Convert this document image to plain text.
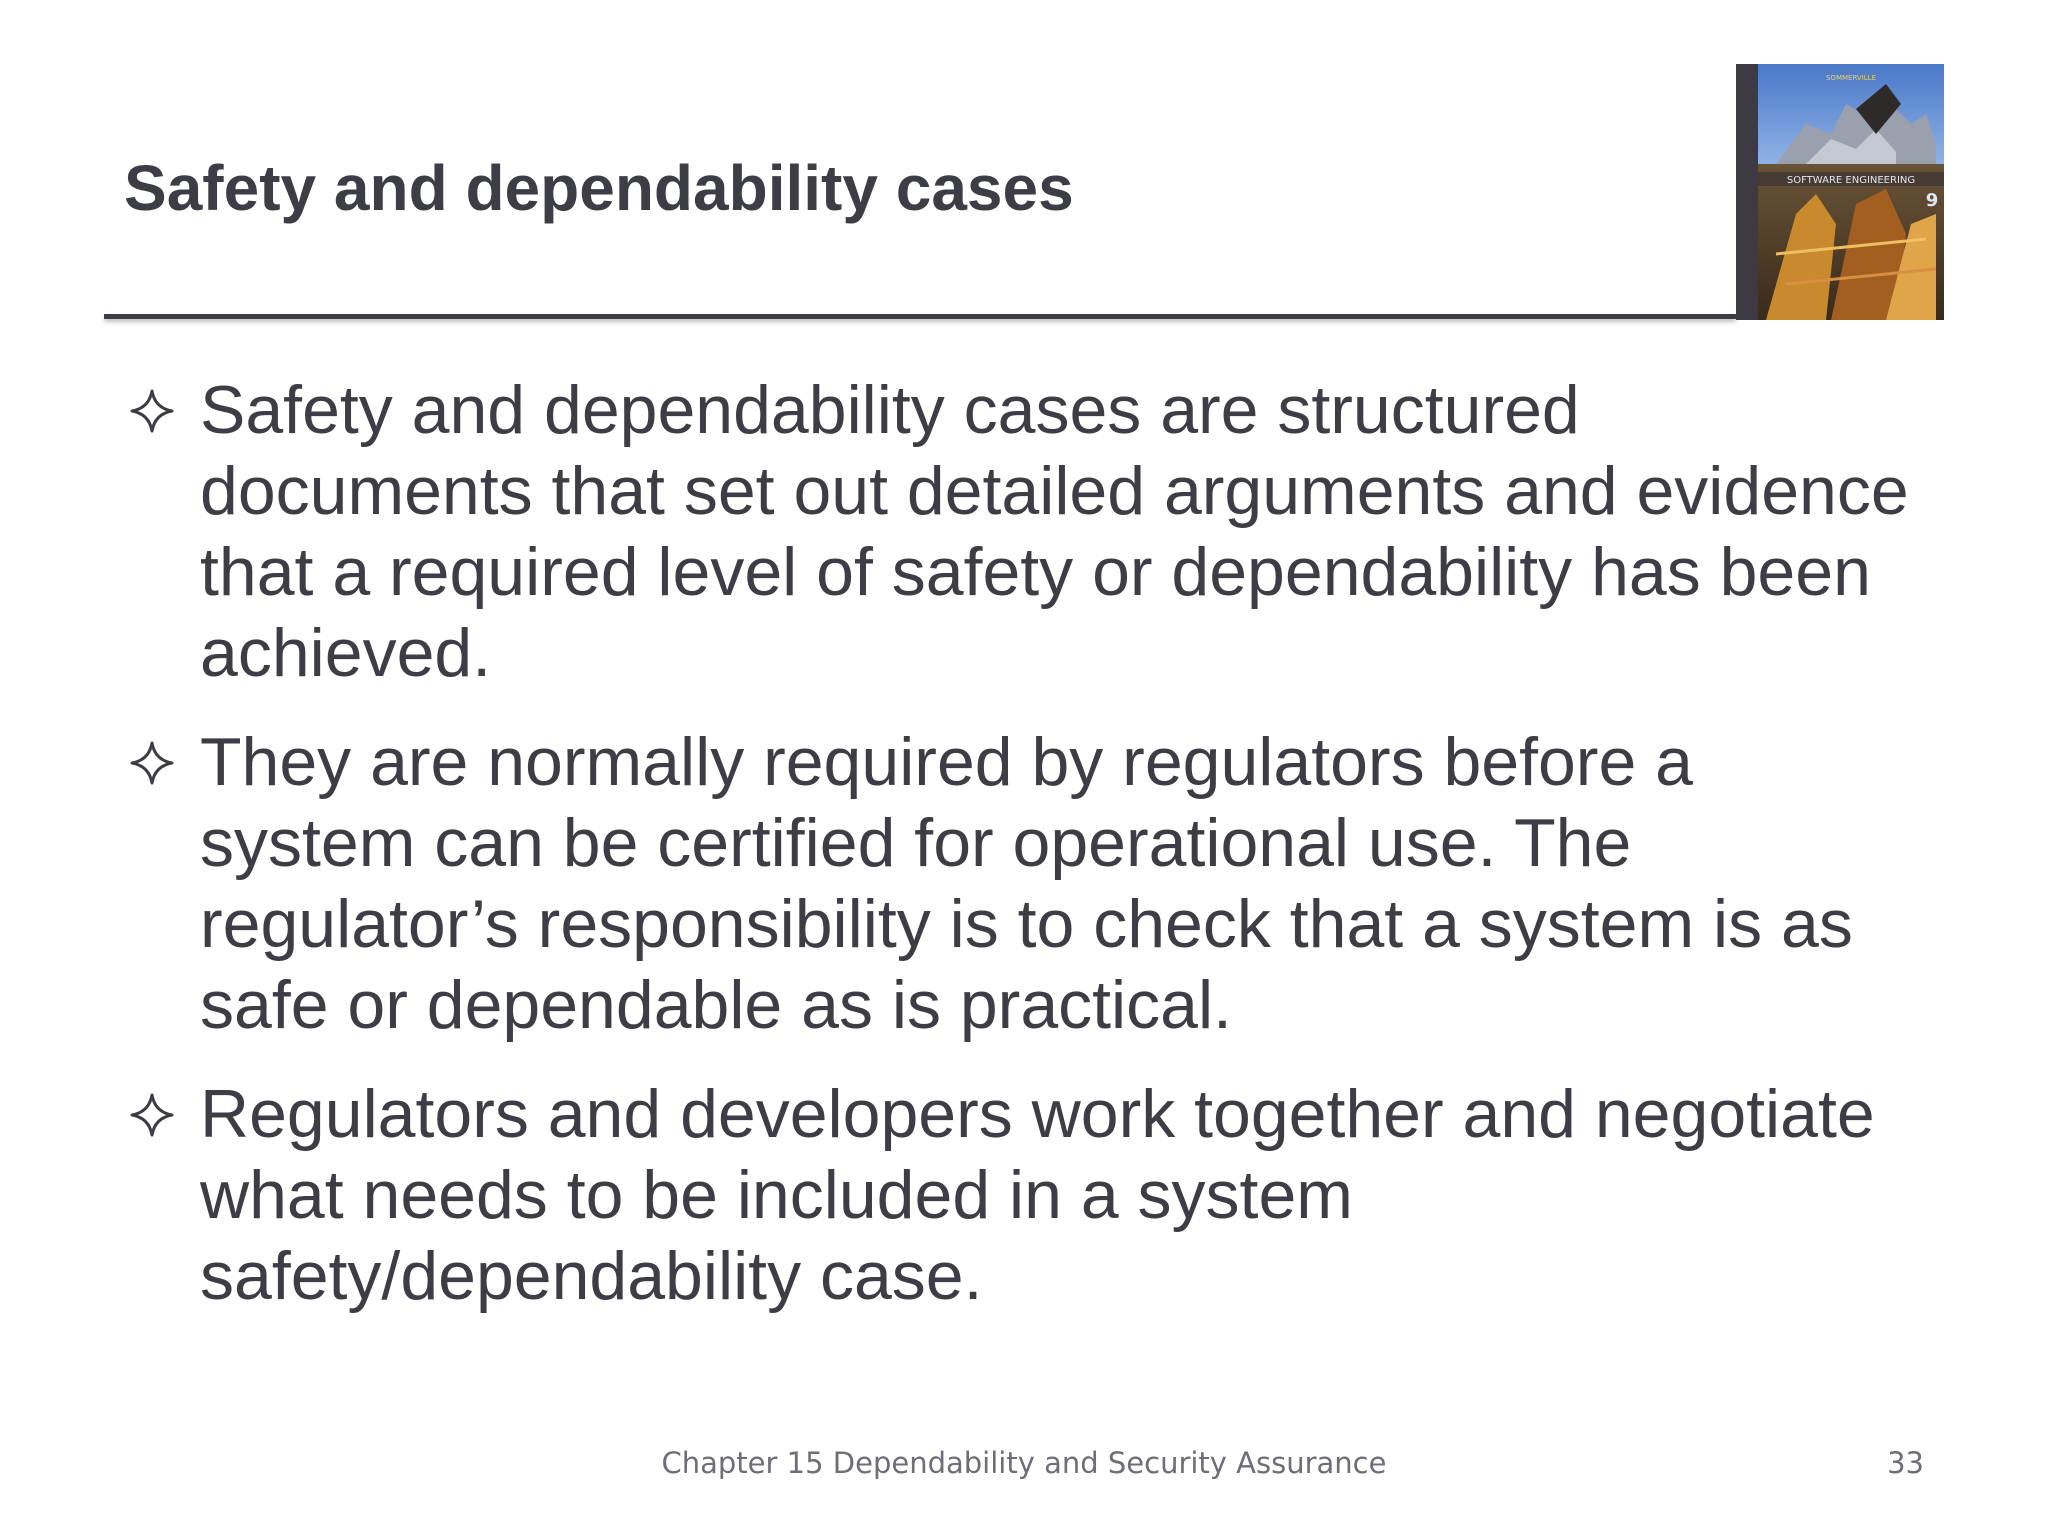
Safety and dependability cases	SOFTWARE ENGINEERING
SOMMERVILLE
9
Safety and dependability cases are structured documents that set out detailed arguments and evidence that a required level of safety or dependability has been achieved.
They are normally required by regulators before a system can be certified for operational use. The regulator’s responsibility is to check that a system is as safe or dependable as is practical.
Regulators and developers work together and negotiate what needs to be included in a system safety/dependability case.
Chapter 15 Dependability and Security Assurance	33
